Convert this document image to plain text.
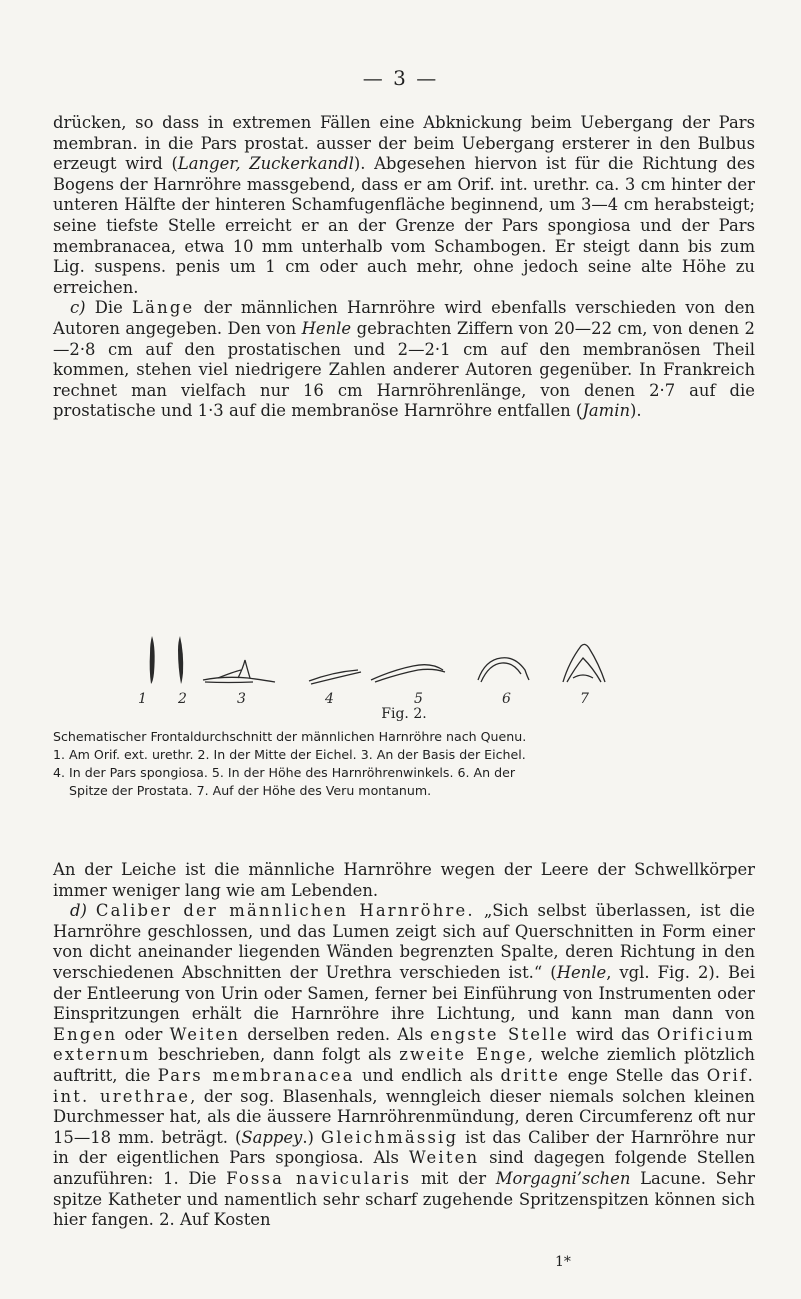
— 3 —

drücken, so dass in extremen Fällen eine Abknickung beim Uebergang der Pars membran. in die Pars prostat. ausser der beim Uebergang ersterer in den Bulbus erzeugt wird (Langer, Zuckerkandl). Abgesehen hiervon ist für die Richtung des Bogens der Harnröhre massgebend, dass er am Orif. int. urethr. ca. 3 cm hinter der unteren Hälfte der hinteren Schamfugenfläche beginnend, um 3—4 cm herabsteigt; seine tiefste Stelle erreicht er an der Grenze der Pars spongiosa und der Pars membranacea, etwa 10 mm unterhalb vom Schambogen. Er steigt dann bis zum Lig. suspens. penis um 1 cm oder auch mehr, ohne jedoch seine alte Höhe zu erreichen.

c) Die Länge der männlichen Harnröhre wird ebenfalls verschieden von den Autoren angegeben. Den von Henle gebrachten Ziffern von 20—22 cm, von denen 2—2·8 cm auf den prostatischen und 2—2·1 cm auf den membranösen Theil kommen, stehen viel niedrigere Zahlen anderer Autoren gegenüber. In Frankreich rechnet man vielfach nur 16 cm Harnröhrenlänge, von denen 2·7 auf die prostatische und 1·3 auf die membranöse Harnröhre entfallen (Jamin).

1 2	3	4	5	6	7
Fig. 2.
Schematischer Frontaldurchschnitt der männlichen Harnröhre nach Quenu.
1. Am Orif. ext. urethr. 2. In der Mitte der Eichel. 3. An der Basis der Eichel.
4. In der Pars spongiosa. 5. In der Höhe des Harnröhrenwinkels. 6. An der
Spitze der Prostata. 7. Auf der Höhe des Veru montanum.

An der Leiche ist die männliche Harnröhre wegen der Leere der Schwellkörper immer weniger lang wie am Lebenden.

d) Caliber der männlichen Harnröhre. „Sich selbst überlassen, ist die Harnröhre geschlossen, und das Lumen zeigt sich auf Querschnitten in Form einer von dicht aneinander liegenden Wänden begrenzten Spalte, deren Richtung in den verschiedenen Abschnitten der Urethra verschieden ist.“ (Henle, vgl. Fig. 2). Bei der Entleerung von Urin oder Samen, ferner bei Einführung von Instrumenten oder Einspritzungen erhält die Harnröhre ihre Lichtung, und kann man dann von Engen oder Weiten derselben reden. Als engste Stelle wird das Orificium externum beschrieben, dann folgt als zweite Enge, welche ziemlich plötzlich auftritt, die Pars membranacea und endlich als dritte enge Stelle das Orif. int. urethrae, der sog. Blasenhals, wenngleich dieser niemals solchen kleinen Durchmesser hat, als die äussere Harnröhrenmündung, deren Circumferenz oft nur 15—18 mm. beträgt. (Sappey.) Gleichmässig ist das Caliber der Harnröhre nur in der eigentlichen Pars spongiosa. Als Weiten sind dagegen folgende Stellen anzuführen: 1. Die Fossa navicularis mit der Morgagni’schen Lacune. Sehr spitze Katheter und namentlich sehr scharf zugehende Spritzenspitzen können sich hier fangen. 2. Auf Kosten

1*
